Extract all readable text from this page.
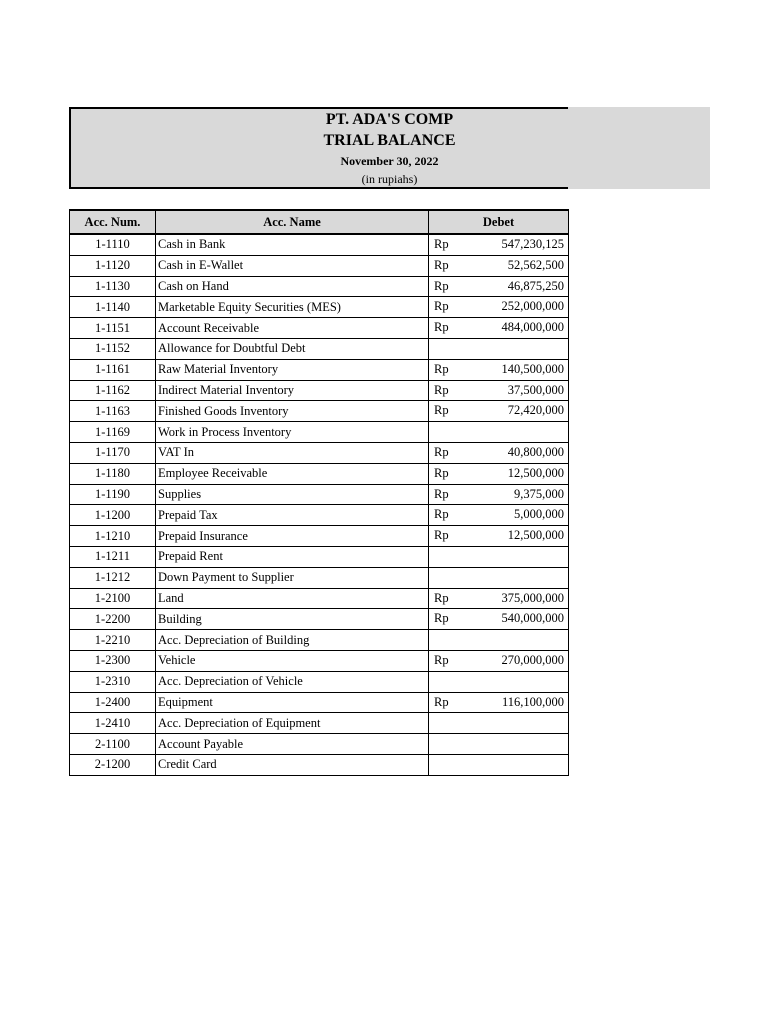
PT. ADA'S COMP
TRIAL BALANCE
November 30, 2022
(in rupiahs)
Acc. Num.	Acc. Name	Debet
1-1110	Cash in Bank	Rp 547,230,125

1-1120	Cash in E-Wallet	Rp 52,562,500

1-1130	Cash on Hand	Rp 46,875,250

1-1140	Marketable Equity Securities (MES)	Rp 252,000,000

1-1151	Account Receivable	Rp 484,000,000

1-1152	Allowance for Doubtful Debt	

1-1161	Raw Material Inventory	Rp 140,500,000

1-1162	Indirect Material Inventory	Rp 37,500,000

1-1163	Finished Goods Inventory	Rp 72,420,000

1-1169	Work in Process Inventory	

1-1170	VAT In	Rp 40,800,000

1-1180	Employee Receivable	Rp 12,500,000

1-1190	Supplies	Rp 9,375,000

1-1200	Prepaid Tax	Rp 5,000,000

1-1210	Prepaid Insurance	Rp 12,500,000

1-1211	Prepaid Rent	

1-1212	Down Payment to Supplier	

1-2100	Land	Rp 375,000,000

1-2200	Building	Rp 540,000,000

1-2210	Acc. Depreciation of Building	

1-2300	Vehicle	Rp 270,000,000

1-2310	Acc. Depreciation of Vehicle	

1-2400	Equipment	Rp 116,100,000

1-2410	Acc. Depreciation of Equipment	

2-1100	Account Payable	

2-1200	Credit Card	
